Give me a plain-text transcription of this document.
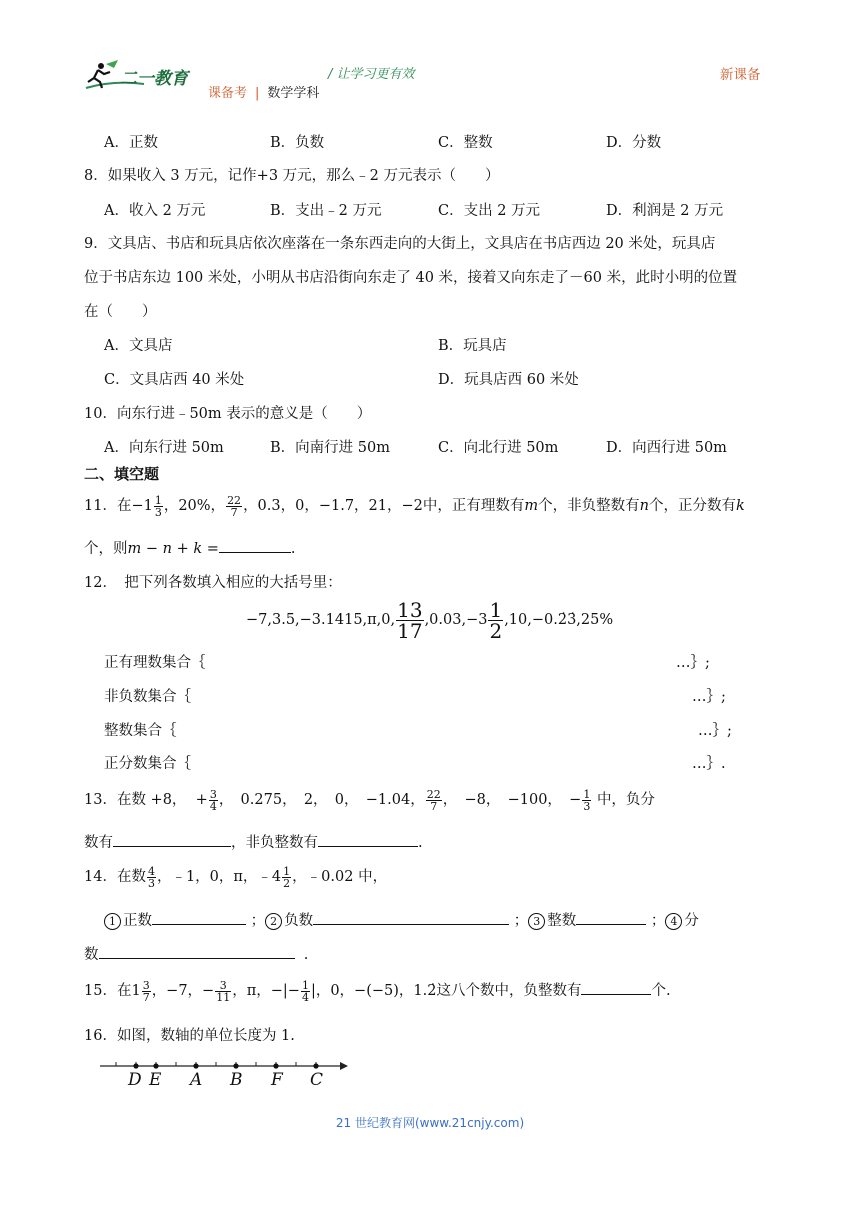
二一教育	/ 让学习更有效
课备考 | 数学学科
新课备
A．正数	B．负数	C．整数	D．分数
8．如果收入 3 万元，记作+3 万元，那么﹣2 万元表示（　　）
A．收入 2 万元	B．支出﹣2 万元	C．支出 2 万元	D．利润是 2 万元
9．文具店、书店和玩具店依次座落在一条东西走向的大街上，文具店在书店西边 20 米处，玩具店
位于书店东边 100 米处，小明从书店沿街向东走了 40 米，接着又向东走了－60 米，此时小明的位置
在（　　）
A．文具店	B．玩具店
C．文具店西 40 米处	D．玩具店西 60 米处
10．向东行进﹣50m 表示的意义是（　　）
A．向东行进 50m	B．向南行进 50m	C．向北行进 50m	D．向西行进 50m
二、填空题
11．在$-1 \frac{1}{3}$ ，20%， $\frac{22}{7}$ ，0.3，0，−1.7，21，−2中，正有理数有m个，非负整数有n个，正分数有k
个，则m − n + k =	.
12．　把下列各数填入相应的大括号里：
−7,3.5,−3.1415,π,0, $\frac{13}{17} ,0.03,-3 \frac{1}{2}$ ,10,−0.2̇3̇,25%
正有理数集合｛	…｝;
非负数集合｛	…｝;
整数集合｛	…｝;
正分数集合｛	…｝.
13．在数 +8， + $\frac{3}{4}$ ，　0.275，　2，　0，　−1.04， $\frac{22}{7}$ ，　−8，　−100，　− $\frac{1}{3}$ 中，负分
数有	，非负整数有	.
14．在数 $\frac{4}{3}$ ，﹣1，0，π，﹣4 $\frac{1}{2}$ ，﹣0.02 中，
1 正数	； 2 负数	； 3 整数	； 4 分
数	.
15．在$1 \frac{3}{7}$ ，−7，− $\frac{3}{11}$ ，π，−|− $\frac{1}{4}$ |，0，−(−5)，1.2̇这八个数中，负整数有	个.
16．如图，数轴的单位长度为 1.
D E A B F C
21 世纪教育网(www.21cnjy.com)
